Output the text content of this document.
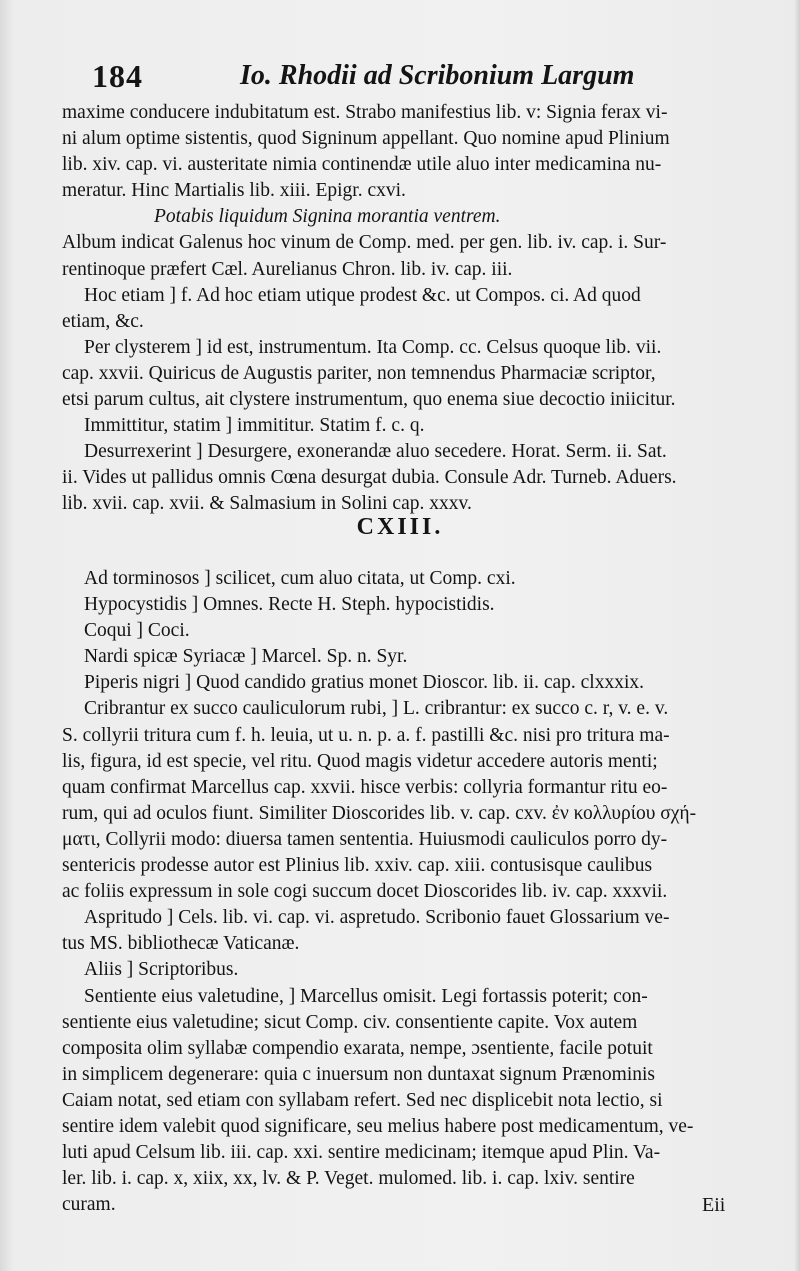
184	Io. Rhodii ad Scribonium Largum
maxime conducere indubitatum est. Strabo manifestius lib. v: Signia ferax vi-
ni alum optime sistentis, quod Signinum appellant. Quo nomine apud Plinium
lib. xiv. cap. vi. austeritate nimia continendæ utile aluo inter medicamina nu-
meratur. Hinc Martialis lib. xiii. Epigr. cxvi.
Potabis liquidum Signina morantia ventrem.
Album indicat Galenus hoc vinum de Comp. med. per gen. lib. iv. cap. i. Sur-
rentinoque præfert Cæl. Aurelianus Chron. lib. iv. cap. iii.
Hoc etiam ] f. Ad hoc etiam utique prodest &c. ut Compos. ci. Ad quod
etiam, &c.
Per clysterem ] id est, instrumentum. Ita Comp. cc. Celsus quoque lib. vii.
cap. xxvii. Quiricus de Augustis pariter, non temnendus Pharmaciæ scriptor,
etsi parum cultus, ait clystere instrumentum, quo enema siue decoctio iniicitur.
Immittitur, statim ] immititur. Statim f. c. q.
Desurrexerint ] Desurgere, exonerandæ aluo secedere. Horat. Serm. ii. Sat.
ii. Vides ut pallidus omnis Cœna desurgat dubia. Consule Adr. Turneb. Aduers.
lib. xvii. cap. xvii. & Salmasium in Solini cap. xxxv.
CXIII.
Ad torminosos ] scilicet, cum aluo citata, ut Comp. cxi.
Hypocystidis ] Omnes. Recte H. Steph. hypocistidis.
Coqui ] Coci.
Nardi spicæ Syriacæ ] Marcel. Sp. n. Syr.
Piperis nigri ] Quod candido gratius monet Dioscor. lib. ii. cap. clxxxix.
Cribrantur ex succo cauliculorum rubi, ] L. cribrantur: ex succo c. r, v. e. v.
S. collyrii tritura cum f. h. leuia, ut u. n. p. a. f. pastilli &c. nisi pro tritura ma-
lis, figura, id est specie, vel ritu. Quod magis videtur accedere autoris menti;
quam confirmat Marcellus cap. xxvii. hisce verbis: collyria formantur ritu eo-
rum, qui ad oculos fiunt. Similiter Dioscorides lib. v. cap. cxv. ἐν κολλυρίου σχή-
ματι, Collyrii modo: diuersa tamen sententia. Huiusmodi cauliculos porro dy-
sentericis prodesse autor est Plinius lib. xxiv. cap. xiii. contusisque caulibus
ac foliis expressum in sole cogi succum docet Dioscorides lib. iv. cap. xxxvii.
Aspritudo ] Cels. lib. vi. cap. vi. aspretudo. Scribonio fauet Glossarium ve-
tus MS. bibliothecæ Vaticanæ.
Aliis ] Scriptoribus.
Sentiente eius valetudine, ] Marcellus omisit. Legi fortassis poterit; con-
sentiente eius valetudine; sicut Comp. civ. consentiente capite. Vox autem
composita olim syllabæ compendio exarata, nempe, ɔsentiente, facile potuit
in simplicem degenerare: quia c inuersum non duntaxat signum Prænominis
Caiam notat, sed etiam con syllabam refert. Sed nec displicebit nota lectio, si
sentire idem valebit quod significare, seu melius habere post medicamentum, ve-
luti apud Celsum lib. iii. cap. xxi. sentire medicinam; itemque apud Plin. Va-
ler. lib. i. cap. x, xiix, xx, lv. & P. Veget. mulomed. lib. i. cap. lxiv. sentire
curam.	Eii
